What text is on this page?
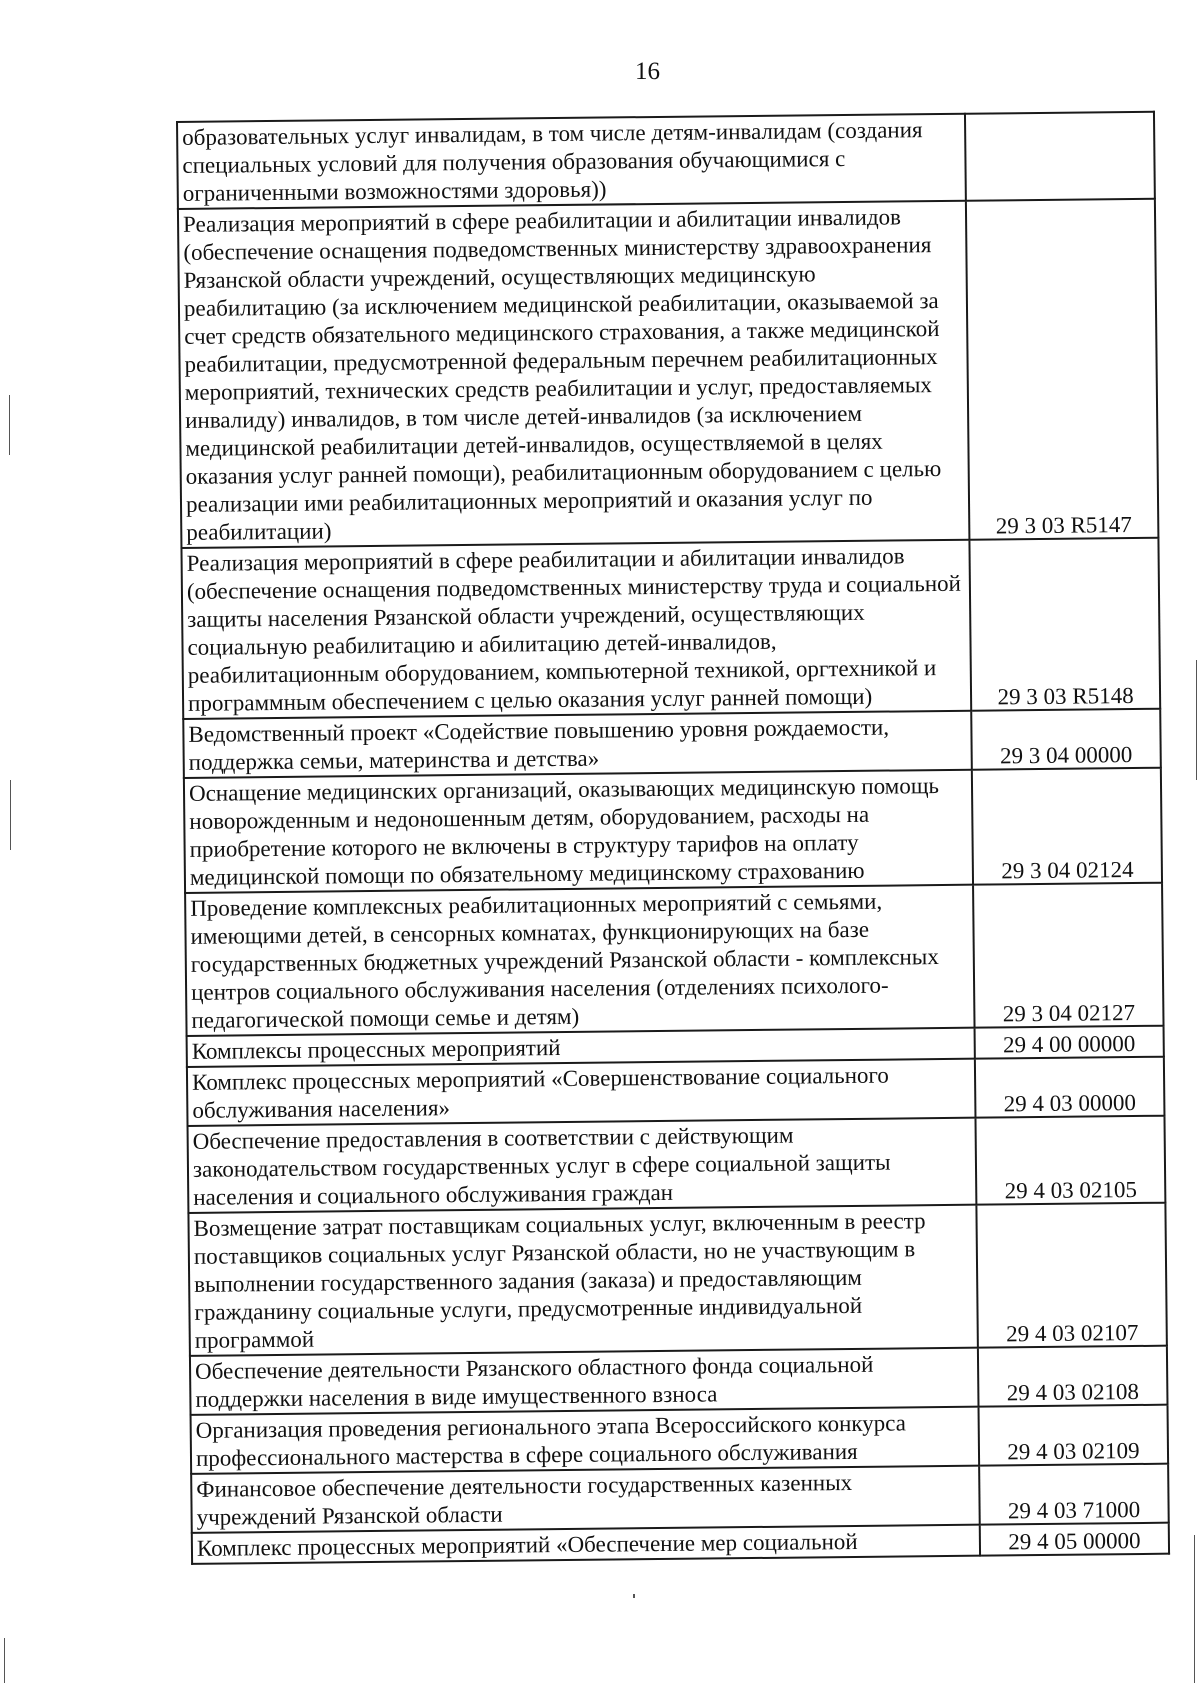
16
образовательных услуг инвалидам, в том числе детям-инвалидам (создания специальных условий для получения образования обучающимися с ограниченными возможностями здоровья))	
Реализация мероприятий в сфере реабилитации и абилитации инвалидов (обеспечение оснащения подведомственных министерству здравоохранения Рязанской области учреждений, осуществляющих медицинскую реабилитацию (за исключением медицинской реабилитации, оказываемой за счет средств обязательного медицинского страхования, а также медицинской реабилитации, предусмотренной федеральным перечнем реабилитационных мероприятий, технических средств реабилитации и услуг, предоставляемых инвалиду) инвалидов, в том числе детей-инвалидов (за исключением медицинской реабилитации детей-инвалидов, осуществляемой в целях оказания услуг ранней помощи), реабилитационным оборудованием с целью реализации ими реабилитационных мероприятий и оказания услуг по реабилитации)	29 3 03 R5147
Реализация мероприятий в сфере реабилитации и абилитации инвалидов (обеспечение оснащения подведомственных министерству труда и социальной защиты населения Рязанской области учреждений, осуществляющих социальную реабилитацию и абилитацию детей-инвалидов, реабилитационным оборудованием, компьютерной техникой, оргтехникой и программным обеспечением с целью оказания услуг ранней помощи)	29 3 03 R5148
Ведомственный проект «Содействие повышению уровня рождаемости, поддержка семьи, материнства и детства»	29 3 04 00000
Оснащение медицинских организаций, оказывающих медицинскую помощь новорожденным и недоношенным детям, оборудованием, расходы на приобретение которого не включены в структуру тарифов на оплату медицинской помощи по обязательному медицинскому страхованию	29 3 04 02124
Проведение комплексных реабилитационных мероприятий с семьями, имеющими детей, в сенсорных комнатах, функционирующих на базе государственных бюджетных учреждений Рязанской области - комплексных центров социального обслуживания населения (отделениях психолого-педагогической помощи семье и детям)	29 3 04 02127
Комплексы процессных мероприятий	29 4 00 00000
Комплекс процессных мероприятий «Совершенствование социального обслуживания населения»	29 4 03 00000
Обеспечение предоставления в соответствии с действующим законодательством государственных услуг в сфере социальной защиты населения и социального обслуживания граждан	29 4 03 02105
Возмещение затрат поставщикам социальных услуг, включенным в реестр поставщиков социальных услуг Рязанской области, но не участвующим в выполнении государственного задания (заказа) и предоставляющим гражданину социальные услуги, предусмотренные индивидуальной программой	29 4 03 02107
Обеспечение деятельности Рязанского областного фонда социальной поддержки населения в виде имущественного взноса	29 4 03 02108
Организация проведения регионального этапа Всероссийского конкурса профессионального мастерства в сфере социального обслуживания	29 4 03 02109
Финансовое обеспечение деятельности государственных казенных учреждений Рязанской области	29 4 03 71000
Комплекс процессных мероприятий «Обеспечение мер социальной	29 4 05 00000
